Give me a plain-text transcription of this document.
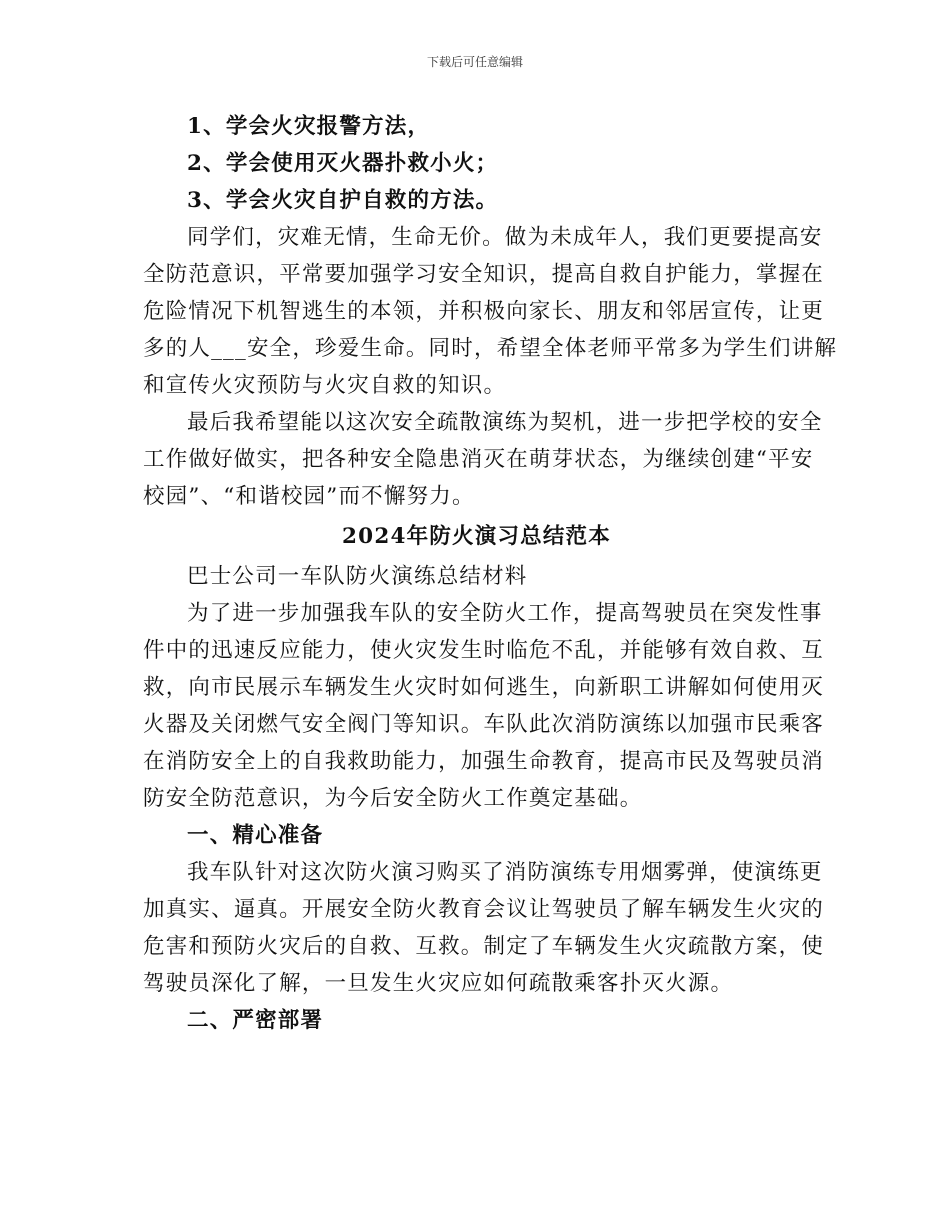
下载后可任意编辑
1、学会火灾报警方法，
2、学会使用灭火器扑救小火；
3、学会火灾自护自救的方法。
同学们，灾难无情，生命无价。做为未成年人，我们更要提高安
全防范意识，平常要加强学习安全知识，提高自救自护能力，掌握在
危险情况下机智逃生的本领，并积极向家长、朋友和邻居宣传，让更
多的人___安全，珍爱生命。同时，希望全体老师平常多为学生们讲解
和宣传火灾预防与火灾自救的知识。
最后我希望能以这次安全疏散演练为契机，进一步把学校的安全
工作做好做实，把各种安全隐患消灭在萌芽状态，为继续创建“平安
校园”、“和谐校园”而不懈努力。
2024年防火演习总结范本
巴士公司一车队防火演练总结材料
为了进一步加强我车队的安全防火工作，提高驾驶员在突发性事
件中的迅速反应能力，使火灾发生时临危不乱，并能够有效自救、互
救，向市民展示车辆发生火灾时如何逃生，向新职工讲解如何使用灭
火器及关闭燃气安全阀门等知识。车队此次消防演练以加强市民乘客
在消防安全上的自我救助能力，加强生命教育，提高市民及驾驶员消
防安全防范意识，为今后安全防火工作奠定基础。
一、精心准备
我车队针对这次防火演习购买了消防演练专用烟雾弹，使演练更
加真实、逼真。开展安全防火教育会议让驾驶员了解车辆发生火灾的
危害和预防火灾后的自救、互救。制定了车辆发生火灾疏散方案，使
驾驶员深化了解，一旦发生火灾应如何疏散乘客扑灭火源。
二、严密部署
